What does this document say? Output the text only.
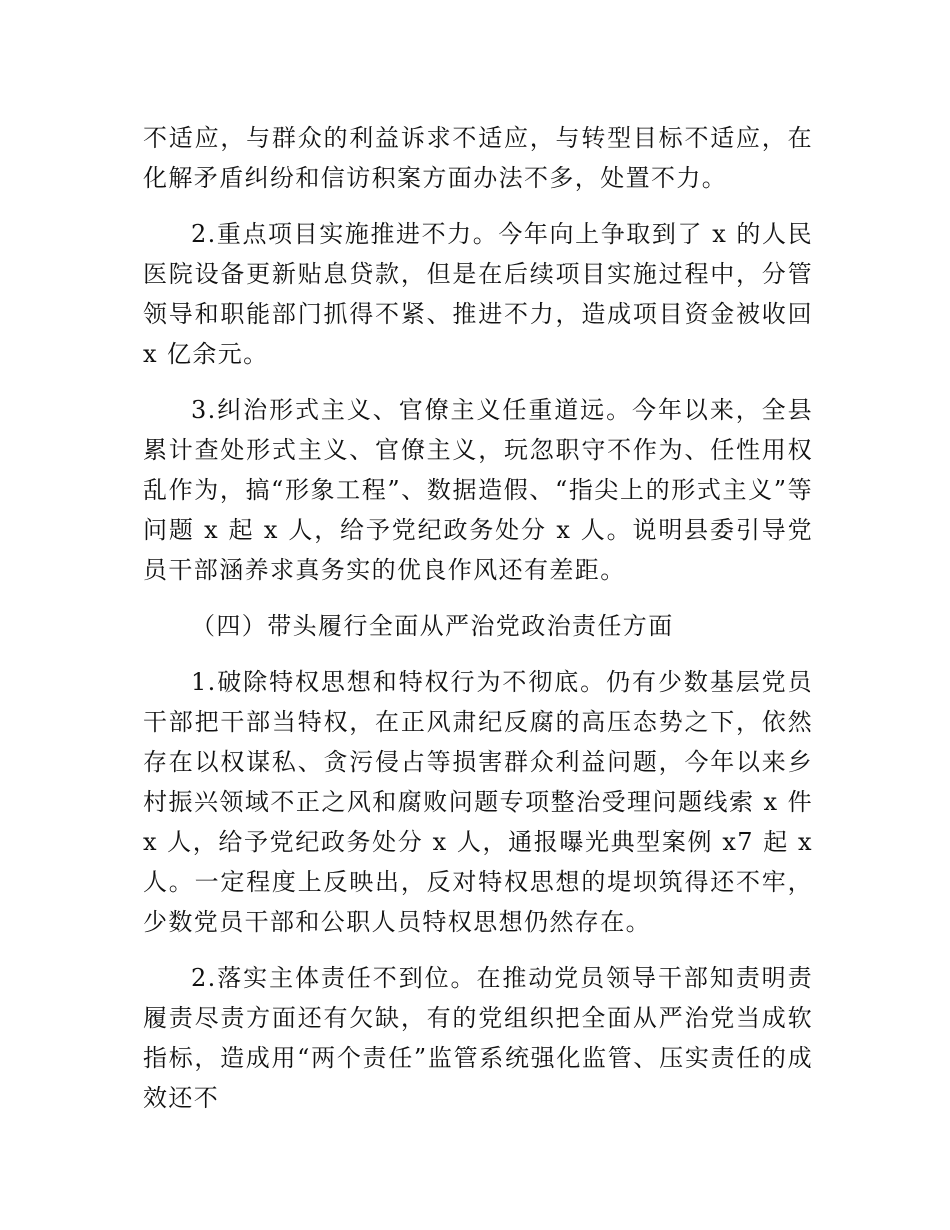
不适应，与群众的利益诉求不适应，与转型目标不适应，在化解矛盾纠纷和信访积案方面办法不多，处置不力。

2.重点项目实施推进不力。今年向上争取到了 x 的人民医院设备更新贴息贷款，但是在后续项目实施过程中，分管领导和职能部门抓得不紧、推进不力，造成项目资金被收回 x 亿余元。

3.纠治形式主义、官僚主义任重道远。今年以来，全县累计查处形式主义、官僚主义，玩忽职守不作为、任性用权乱作为，搞“形象工程”、数据造假、“指尖上的形式主义”等问题 x 起 x 人，给予党纪政务处分 x 人。说明县委引导党员干部涵养求真务实的优良作风还有差距。

（四）带头履行全面从严治党政治责任方面

1.破除特权思想和特权行为不彻底。仍有少数基层党员干部把干部当特权，在正风肃纪反腐的高压态势之下，依然存在以权谋私、贪污侵占等损害群众利益问题，今年以来乡村振兴领域不正之风和腐败问题专项整治受理问题线索 x 件 x 人，给予党纪政务处分 x 人，通报曝光典型案例 x7 起 x 人。一定程度上反映出，反对特权思想的堤坝筑得还不牢，少数党员干部和公职人员特权思想仍然存在。

2.落实主体责任不到位。在推动党员领导干部知责明责履责尽责方面还有欠缺，有的党组织把全面从严治党当成软指标，造成用“两个责任”监管系统强化监管、压实责任的成效还不
